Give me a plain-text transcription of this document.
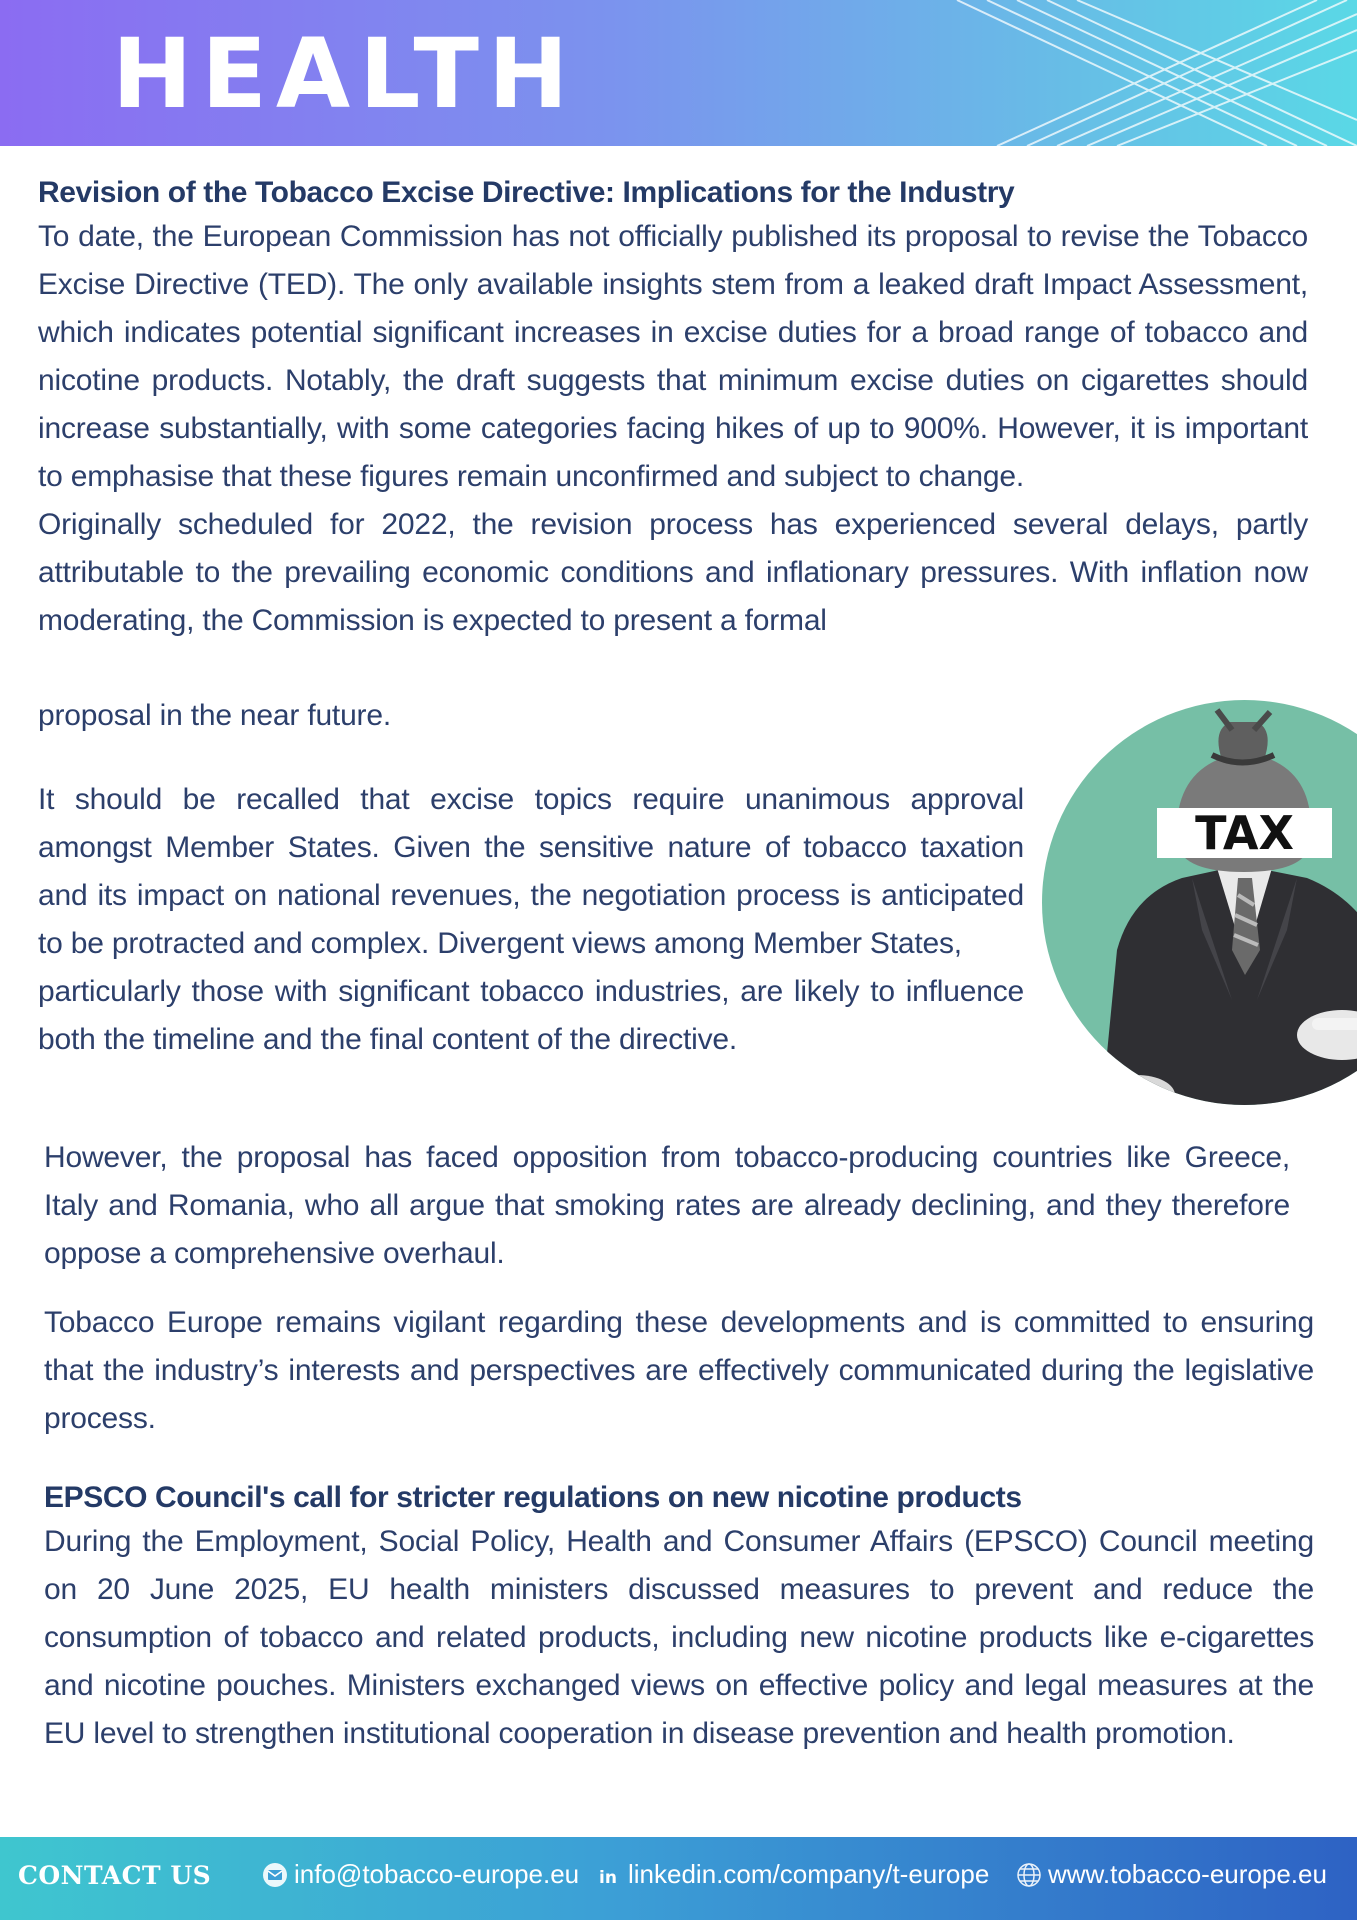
HEALTH
Revision of the Tobacco Excise Directive: Implications for the Industry

To date, the European Commission has not officially published its proposal to revise the Tobacco Excise Directive (TED). The only available insights stem from a leaked draft Impact Assessment, which indicates potential significant increases in excise duties for a broad range of tobacco and nicotine products. Notably, the draft suggests that minimum excise duties on cigarettes should increase substantially, with some categories facing hikes of up to 900%. However, it is important to emphasise that these figures remain unconfirmed and subject to change.

Originally scheduled for 2022, the revision process has experienced several delays, partly attributable to the prevailing economic conditions and inflationary pressures. With inflation now moderating, the Commission is expected to present a formal

proposal in the near future.

It should be recalled that excise topics require unanimous approval amongst Member States. Given the sensitive nature of tobacco taxation and its impact on national revenues, the negotiation process is anticipated to be protracted and complex. Divergent views among Member States,

particularly those with significant tobacco industries, are likely to influence both the timeline and the final content of the directive.

TAX

However, the proposal has faced opposition from tobacco-producing countries like Greece, Italy and Romania, who all argue that smoking rates are already declining, and they therefore oppose a comprehensive overhaul.

Tobacco Europe remains vigilant regarding these developments and is committed to ensuring that the industry’s interests and perspectives are effectively communicated during the legislative process.

EPSCO Council's call for stricter regulations on new nicotine products

During the Employment, Social Policy, Health and Consumer Affairs (EPSCO) Council meeting on 20 June 2025, EU health ministers discussed measures to prevent and reduce the consumption of tobacco and related products, including new nicotine products like e-cigarettes and nicotine pouches. Ministers exchanged views on effective policy and legal measures at the EU level to strengthen institutional cooperation in disease prevention and health promotion.

CONTACT US	info@tobacco-europe.eu in linkedin.com/company/t-europe www.tobacco-europe.eu
